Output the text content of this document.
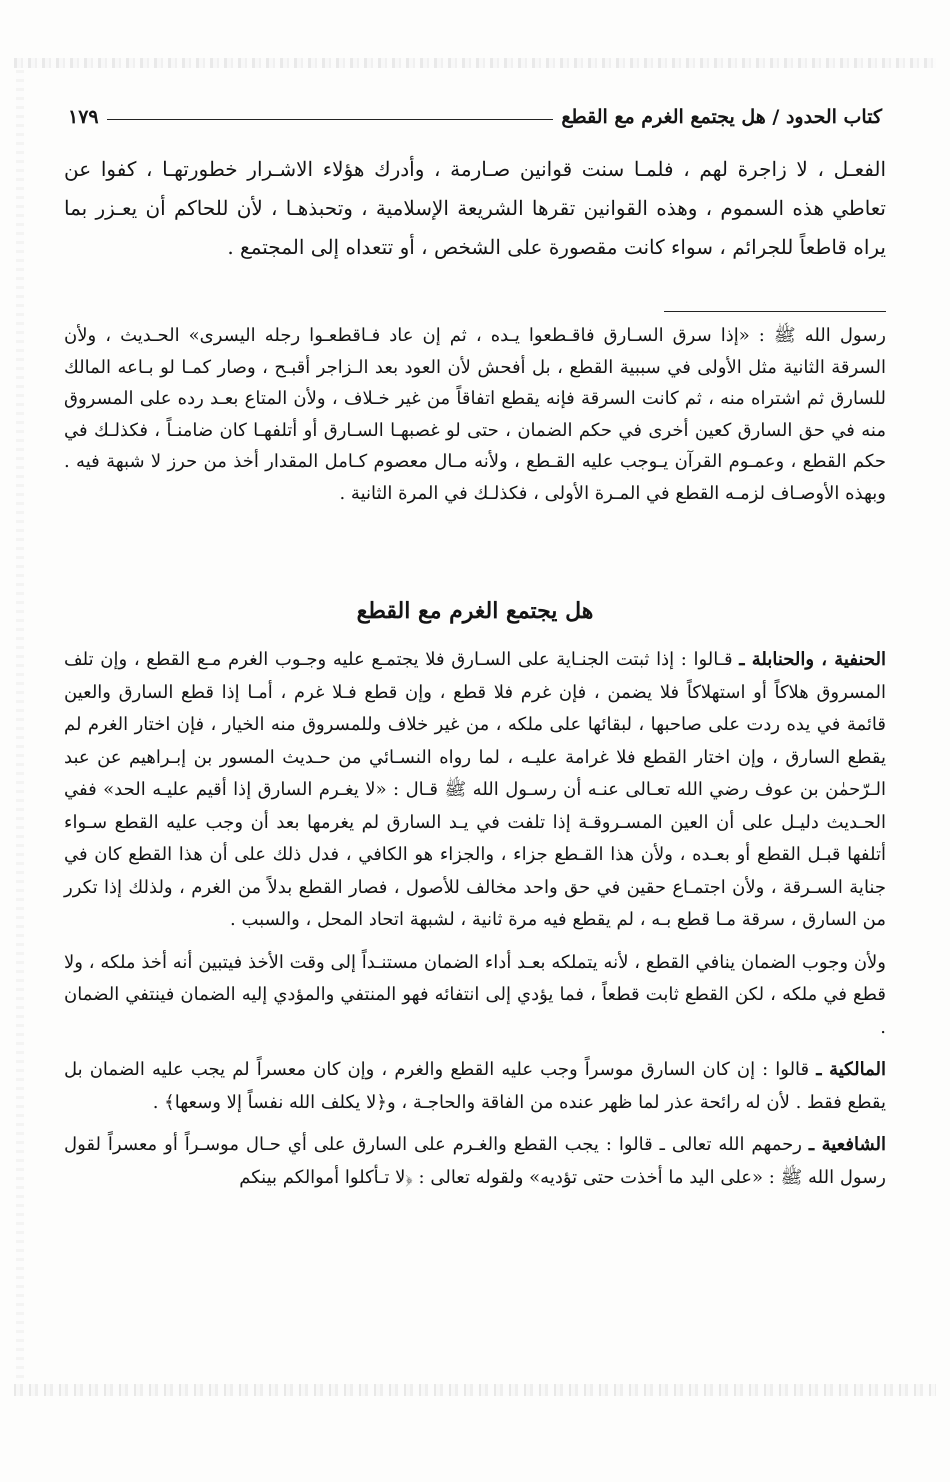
كتاب الحدود / هل يجتمع الغرم مع القطع
١٧٩
الفعـل ، لا زاجرة لهم ، فلمـا سنت قوانين صـارمة ، وأدرك هؤلاء الاشـرار خطورتهـا ، كفوا عن تعاطي هذه السموم ، وهذه القوانين تقرها الشريعة الإسلامية ، وتحبذهـا ، لأن للحاكم أن يعـزر بما يراه قاطعاً للجرائم ، سواء كانت مقصورة على الشخص ، أو تتعداه إلى المجتمع .
رسول الله ﷺ : «إذا سرق السـارق فاقـطعوا يـده ، ثم إن عاد فـاقطعـوا رجله اليسرى» الحـديث ، ولأن السرقة الثانية مثل الأولى في سببية القطع ، بل أفحش لأن العود بعد الـزاجر أقبـح ، وصار كمـا لو بـاعه المالك للسارق ثم اشتراه منه ، ثم كانت السرقة فإنه يقطع اتفاقاً من غير خـلاف ، ولأن المتاع بعـد رده على المسروق منه في حق السارق كعين أخرى في حكم الضمان ، حتى لو غصبهـا السـارق أو أتلفهـا كان ضامنـاً ، فكذلـك في حكم القطع ، وعمـوم القرآن يـوجب عليه القـطع ، ولأنه مـال معصوم كـامل المقدار أخذ من حرز لا شبهة فيه . وبهذه الأوصـاف لزمـه القطع في المـرة الأولى ، فكذلـك في المرة الثانية .
هل يجتمع الغرم مع القطع

الحنفية ، والحنابلة ـ قـالوا : إذا ثبتت الجنـاية على السـارق فلا يجتمـع عليه وجـوب الغرم مـع القطع ، وإن تلف المسروق هلاكاً أو استهلاكاً فلا يضمن ، فإن غرم فلا قطع ، وإن قطع فـلا غرم ، أمـا إذا قطع السارق والعين قائمة في يده ردت على صاحبها ، لبقائها على ملكه ، من غير خلاف وللمسروق منه الخيار ، فإن اختار الغرم لم يقطع السارق ، وإن اختار القطع فلا غرامة عليـه ، لما رواه النسـائي من حـديث المسور بن إبـراهيم عن عبد الـرّحمٰن بن عوف رضي الله تعـالى عنـه أن رسـول الله ﷺ قـال : «لا يغـرم السارق إذا أقيم عليـه الحد» ففي الحـديث دليـل على أن العين المسـروقـة إذا تلفت في يـد السارق لم يغرمها بعد أن وجب عليه القطع سـواء أتلفها قبـل القطع أو بعـده ، ولأن هذا القـطع جزاء ، والجزاء هو الكافي ، فدل ذلك على أن هذا القطع كان في جناية السـرقة ، ولأن اجتمـاع حقين في حق واحد مخالف للأصول ، فصار القطع بدلاً من الغرم ، ولذلك إذا تكرر من السارق ، سرقة مـا قطع بـه ، لم يقطع فيه مرة ثانية ، لشبهة اتحاد المحل ، والسبب .

ولأن وجوب الضمان ينافي القطع ، لأنه يتملكه بعـد أداء الضمان مستنـداً إلى وقت الأخذ فيتبين أنه أخذ ملكه ، ولا قطع في ملكه ، لكن القطع ثابت قطعاً ، فما يؤدي إلى انتفائه فهو المنتفي والمؤدي إليه الضمان فينتفي الضمان .

المالكية ـ قالوا : إن كان السارق موسراً وجب عليه القطع والغرم ، وإن كان معسراً لم يجب عليه الضمان بل يقطع فقط . لأن له رائحة عذر لما ظهر عنده من الفاقة والحاجـة ، و﴿لا يكلف الله نفساً إلا وسعها﴾ .

الشافعية ـ رحمهم الله تعالى ـ قالوا : يجب القطع والغـرم على السارق على أي حـال موسـراً أو معسراً لقول رسول الله ﷺ : «على اليد ما أخذت حتى تؤديه» ولقوله تعالى : ﴿لا تـأكلوا أموالكم بينكم
